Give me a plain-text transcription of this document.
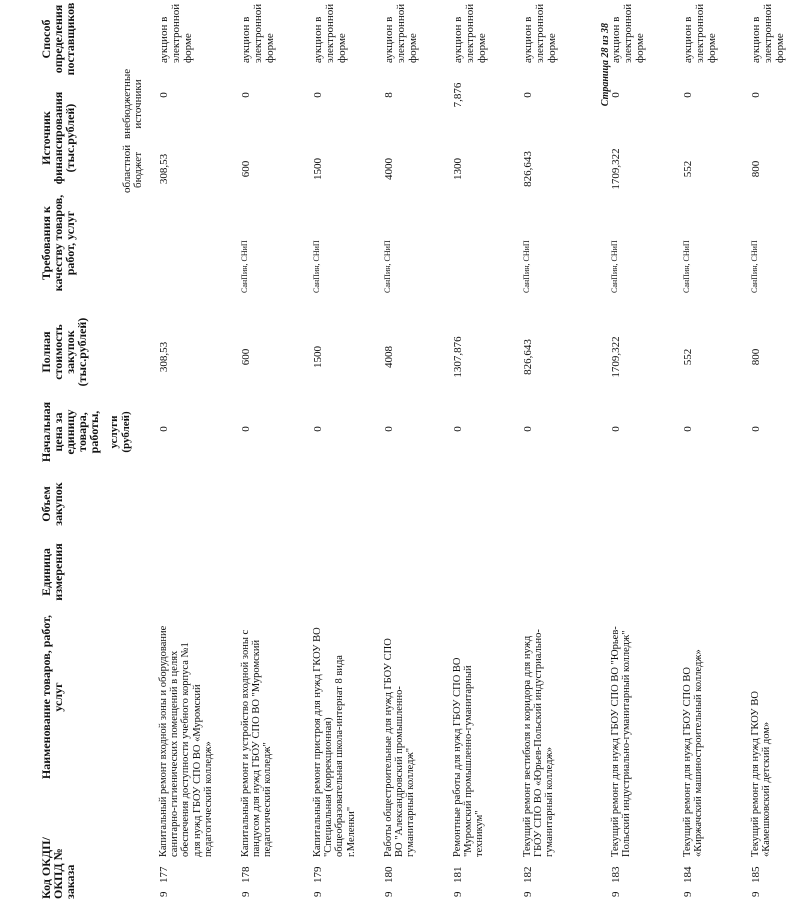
Код ОКДП/ ОКПД № заказа
Наименование товаров, работ, услуг
Единица измерения
Объем закупок
Начальная цена за единицу товара, работы, услуги (рублей)
Полная стоимость закупок (тыс.рублей)
Требования к качеству товаров, работ, услуг
Источник финансирования (тыс.рублей)	областной бюджет
внебюджетные источники
Способ определения поставщиков
9
177
Капитальный ремонт входной зоны и оборудование санитарно-гигиенических помещений в целях обеспечения доступности учебного корпуса №1 для нужд ГБОУ СПО ВО «Муромский педагогический колледж»
0
308,53
308,53
0
аукцион в электронной форме
9
178
Капитальный ремонт и устройство входной зоны с пандусом для нужд ГБОУ СПО ВО "Муромский педагогический колледж"
0
600
СанПин, СНиП
600
0
аукцион в электронной форме
9
179
Капитальный ремонт пристроя для нужд ГКОУ ВО "Специальная (коррекционная) общеобразовательная школа-интернат 8 вида г.Меленки"
0
1500
СанПин, СНиП
1500
0
аукцион в электронной форме
9
180
Работы общестроительные для нужд ГБОУ СПО ВО "Александровский промышленно-гуманитарный колледж"
0
4008
СанПин, СНиП
4000
8
аукцион в электронной форме
9
181
Ремонтные работы для нужд ГБОУ СПО ВО "Муромский промышленно-гуманитарный техникум"
0
1307,876
1300
7,876
аукцион в электронной форме
9
182
Текущий ремонт вестибюля и коридора для нужд ГБОУ СПО ВО «Юрьев-Польский индустриально-гуманитарный колледж»
0
826,643
СанПин, СНиП
826,643
0
аукцион в электронной форме
9
183
Текущий ремонт для нужд ГБОУ СПО ВО "Юрьев-Польский индустриально-гуманитарный колледж"
0
1709,322
СанПин, СНиП
1709,322
0
аукцион в электронной форме
9
184
Текущий ремонт для нужд ГБОУ СПО ВО «Киржачский машиностроительный колледж»
0
552
СанПин, СНиП
552
0
аукцион в электронной форме
9
185
Текущий ремонт для нужд ГКОУ ВО «Камешковский детский дом»
0
800
СанПин, СНиП
800
0
аукцион в электронной форме
Страница 28 из 38
